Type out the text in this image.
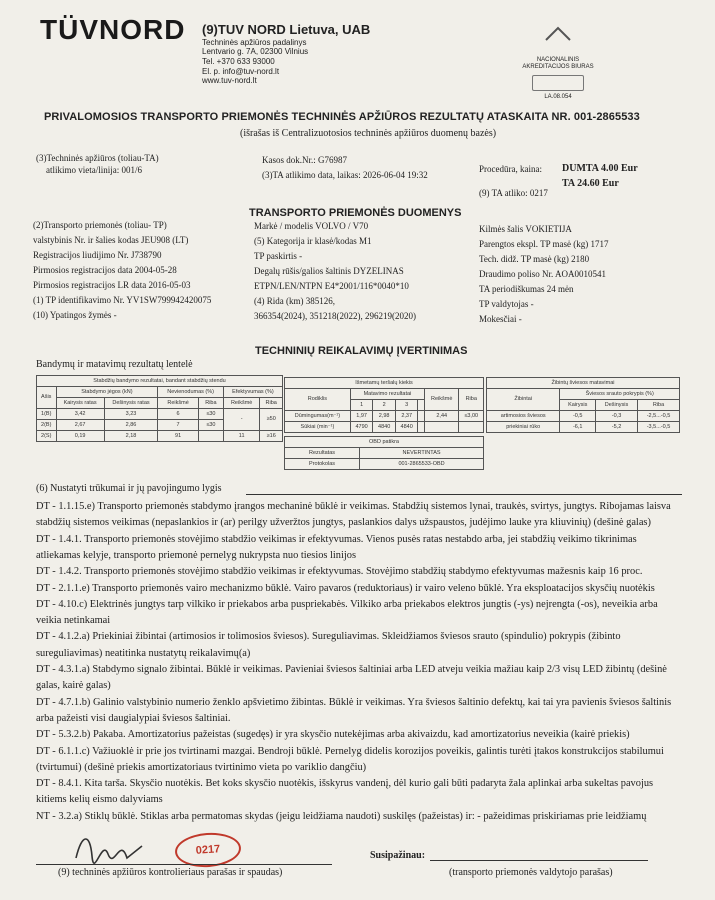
TÜVNORD (9)TUV NORD Lietuva, UAB
Techninės apžiūros padalinys
Lentvario g. 7A, 02300 Vilnius
Tel. +370 633 93000
El. p. info@tuv-nord.lt
www.tuv-nord.lt
NACIONALINIS
AKREDITACIJOS BIURAS
LA.08.054
PRIVALOMOSIOS TRANSPORTO PRIEMONĖS TECHNINĖS APŽIŪROS REZULTATŲ ATASKAITA NR. 001-2865533
(išrašas iš Centralizuotosios techninės apžiūros duomenų bazės)
(3)Techninės apžiūros (toliau-TA)
atlikimo vieta/linija: 001/6
Kasos dok.Nr.: G76987
(3)TA atlikimo data, laikas: 2026-06-04 19:32
Procedūra, kaina: DUMTA 4.00 Eur
TA 24.60 Eur
(9) TA atliko: 0217
TRANSPORTO PRIEMONĖS DUOMENYS
(2)Transporto priemonės (toliau- TP)
valstybinis Nr. ir šalies kodas JEU908 (LT)
Registracijos liudijimo Nr. J738790
Pirmosios registracijos data 2004-05-28
Pirmosios registracijos LR data 2016-05-03
(1) TP identifikavimo Nr. YV1SW799942420075
(10) Ypatingos žymės -
Markė / modelis VOLVO / V70
(5) Kategorija ir klasė/kodas M1
TP paskirtis -
Degalų rūšis/galios šaltinis DYZELINAS
ETPN/LEN/NTPN E4*2001/116*0040*10
(4) Rida (km) 385126,
366354(2024), 351218(2022), 296219(2020)
Kilmės šalis VOKIETIJA
Parengtos ekspl. TP masė (kg) 1717
Tech. didž. TP masė (kg) 2180
Draudimo poliso Nr. AOA0010541
TA periodiškumas 24 mėn
TP valdytojas -
Mokesčiai -
TECHNINIŲ REIKALAVIMŲ ĮVERTINIMAS
Bandymų ir matavimų rezultatų lentelė
Stabdžių bandymo rezultatai, bandant stabdžių stendu						
Ašis	Stabdymo jėgos (kN)		Nevienodumas (%)		Efektyvumas (%)	
	Kairysis ratas	Dešinysis ratas	Reikšmė	Riba	Reikšmė	Riba
1(B)	3,42	3,23	6	≤30	-	≥50
2(B)	2,67	2,86	7	≤30		
2(S)	0,19	2,18	91		11	≥16
Išmetamų teršalų kiekis						
Rodiklis	Matavimo rezultatai				Reikšmė	Riba
	1	2	3			
Dūmingumas(m⁻¹)	1,97	2,98	2,37		2,44	≤3,00
Sūkiai (min⁻¹)	4790	4840	4840			
Žibintų šviesos matavimai			
Žibintai	Šviesos srauto pokrypis (%)		
	Kairysis	Dešinysis	Riba
artimosios šviesos	-0,5	-0,3	-2,5...-0,5
priekiniai rūko	-6,1	-5,2	-3,5...-0,5
OBD patikra	
Rezultatas	NEVERTINTAS
Protokolas	001-2865533-OBD
(6) Nustatyti trūkumai ir jų pavojingumo lygis
DT - 1.1.15.e) Transporto priemonės stabdymo įrangos mechaninė būklė ir veikimas. Stabdžių sistemos lynai, traukės, svirtys, jungtys. Ribojamas laisva
stabdžių sistemos veikimas (nepaslankios ir (ar) perilgy užveržtos jungtys, paslankios dalys užspaustos, judėjimo lauke yra kliuvinių) (dešinė galas)
DT - 1.4.1. Transporto priemonės stovėjimo stabdžio veikimas ir efektyvumas. Vienos pusės ratas nestabdo arba, jei stabdžių veikimo tikrinimas
atliekamas kelyje, transporto priemonė pernelyg nukrypsta nuo tiesios linijos
DT - 1.4.2. Transporto priemonės stovėjimo stabdžio veikimas ir efektyvumas. Stovėjimo stabdžių stabdymo efektyvumas mažesnis kaip 16 proc.
DT - 2.1.1.e) Transporto priemonės vairo mechanizmo būklė. Vairo pavaros (reduktoriaus) ir vairo veleno būklė. Yra eksploatacijos skysčių nuotėkis
DT - 4.10.c) Elektrinės jungtys tarp vilkiko ir priekabos arba puspriekabės. Vilkiko arba priekabos elektros jungtis (-ys) nejrengta (-os), neveikia arba
veikia netinkamai
DT - 4.1.2.a) Priekiniai žibintai (artimosios ir tolimosios šviesos). Sureguliavimas. Skleidžiamos šviesos srauto (spindulio) pokrypis (žibinto
sureguliavimas) neatitinka nustatytų reikalavimų(a)
DT - 4.3.1.a) Stabdymo signalo žibintai. Būklė ir veikimas. Pavieniai šviesos šaltiniai arba LED atveju veikia mažiau kaip 2/3 visų LED žibintų (dešinė
galas, kairė galas)
DT - 4.7.1.b) Galinio valstybinio numerio ženklo apšvietimo žibintas. Būklė ir veikimas. Yra šviesos šaltinio defektų, kai tai yra pavienis šviesos šaltinis
arba pažeisti visi daugialypiai šviesos šaltiniai.
DT - 5.3.2.b) Pakaba. Amortizatorius pažeistas (sugedęs) ir yra skysčio nutekėjimas arba akivaizdu, kad amortizatorius neveikia (kairė priekis)
DT - 6.1.1.c) Važiuoklė ir prie jos tvirtinami mazgai. Bendroji būklė. Pernelyg didelis korozijos poveikis, galintis turėti įtakos konstrukcijos stabilumui
(tvirtumui) (dešinė priekis amortizatoriaus tvirtinimo vieta po variklio dangčiu)
DT - 8.4.1. Kita tarša. Skysčio nuotėkis. Bet koks skysčio nuotėkis, išskyrus vandenį, dėl kurio gali būti padaryta žala aplinkai arba sukeltas pavojus
kitiems kelių eismo dalyviams
NT - 3.2.a) Stiklų būklė. Stiklas arba permatomas skydas (jeigu leidžiama naudoti) suskilęs (pažeistas) ir: - pažeidimas priskiriamas prie leidžiamų
0217
(9) techninės apžiūros kontrolieriaus parašas ir spaudas)
Susipažinau:
(transporto priemonės valdytojo parašas)
